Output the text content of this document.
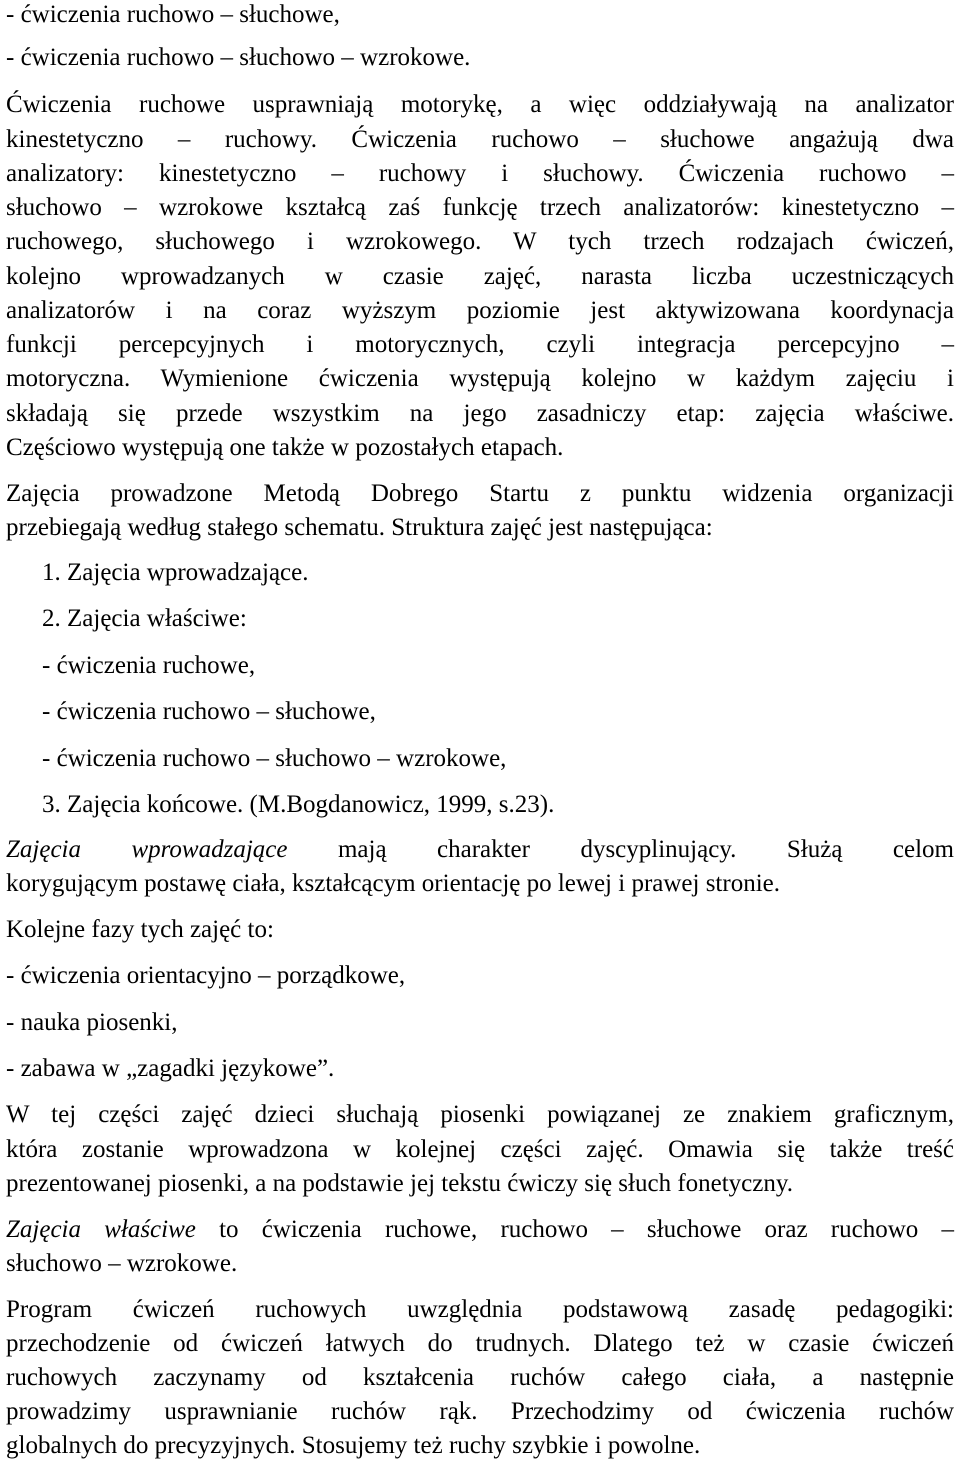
- ćwiczenia ruchowo – słuchowe,
- ćwiczenia ruchowo – słuchowo – wzrokowe.
Ćwiczenia ruchowe usprawniają motorykę, a więc oddziaływają na analizator
kinestetyczno – ruchowy. Ćwiczenia ruchowo – słuchowe angażują dwa
analizatory: kinestetyczno – ruchowy i słuchowy. Ćwiczenia ruchowo –
słuchowo – wzrokowe kształcą zaś funkcję trzech analizatorów: kinestetyczno –
ruchowego, słuchowego i wzrokowego. W tych trzech rodzajach ćwiczeń,
kolejno wprowadzanych w czasie zajęć, narasta liczba uczestniczących
analizatorów i na coraz wyższym poziomie jest aktywizowana koordynacja
funkcji percepcyjnych i motorycznych, czyli integracja percepcyjno –
motoryczna. Wymienione ćwiczenia występują kolejno w każdym zajęciu i
składają się przede wszystkim na jego zasadniczy etap: zajęcia właściwe.
Częściowo występują one także w pozostałych etapach.
Zajęcia prowadzone Metodą Dobrego Startu z punktu widzenia organizacji
przebiegają według stałego schematu. Struktura zajęć jest następująca:
1. Zajęcia wprowadzające.
2. Zajęcia właściwe:
- ćwiczenia ruchowe,
- ćwiczenia ruchowo – słuchowe,
- ćwiczenia ruchowo – słuchowo – wzrokowe,
3. Zajęcia końcowe. (M.Bogdanowicz, 1999, s.23).
Zajęcia wprowadzające mają charakter dyscyplinujący. Służą celom
korygującym postawę ciała, kształcącym orientację po lewej i prawej stronie.
Kolejne fazy tych zajęć to:
- ćwiczenia orientacyjno – porządkowe,
- nauka piosenki,
- zabawa w „zagadki językowe”.
W tej części zajęć dzieci słuchają piosenki powiązanej ze znakiem graficznym,
która zostanie wprowadzona w kolejnej części zajęć. Omawia się także treść
prezentowanej piosenki, a na podstawie jej tekstu ćwiczy się słuch fonetyczny.
Zajęcia właściwe to ćwiczenia ruchowe, ruchowo – słuchowe oraz ruchowo –
słuchowo – wzrokowe.
Program ćwiczeń ruchowych uwzględnia podstawową zasadę pedagogiki:
przechodzenie od ćwiczeń łatwych do trudnych. Dlatego też w czasie ćwiczeń
ruchowych zaczynamy od kształcenia ruchów całego ciała, a następnie
prowadzimy usprawnianie ruchów rąk. Przechodzimy od ćwiczenia ruchów
globalnych do precyzyjnych. Stosujemy też ruchy szybkie i powolne.
